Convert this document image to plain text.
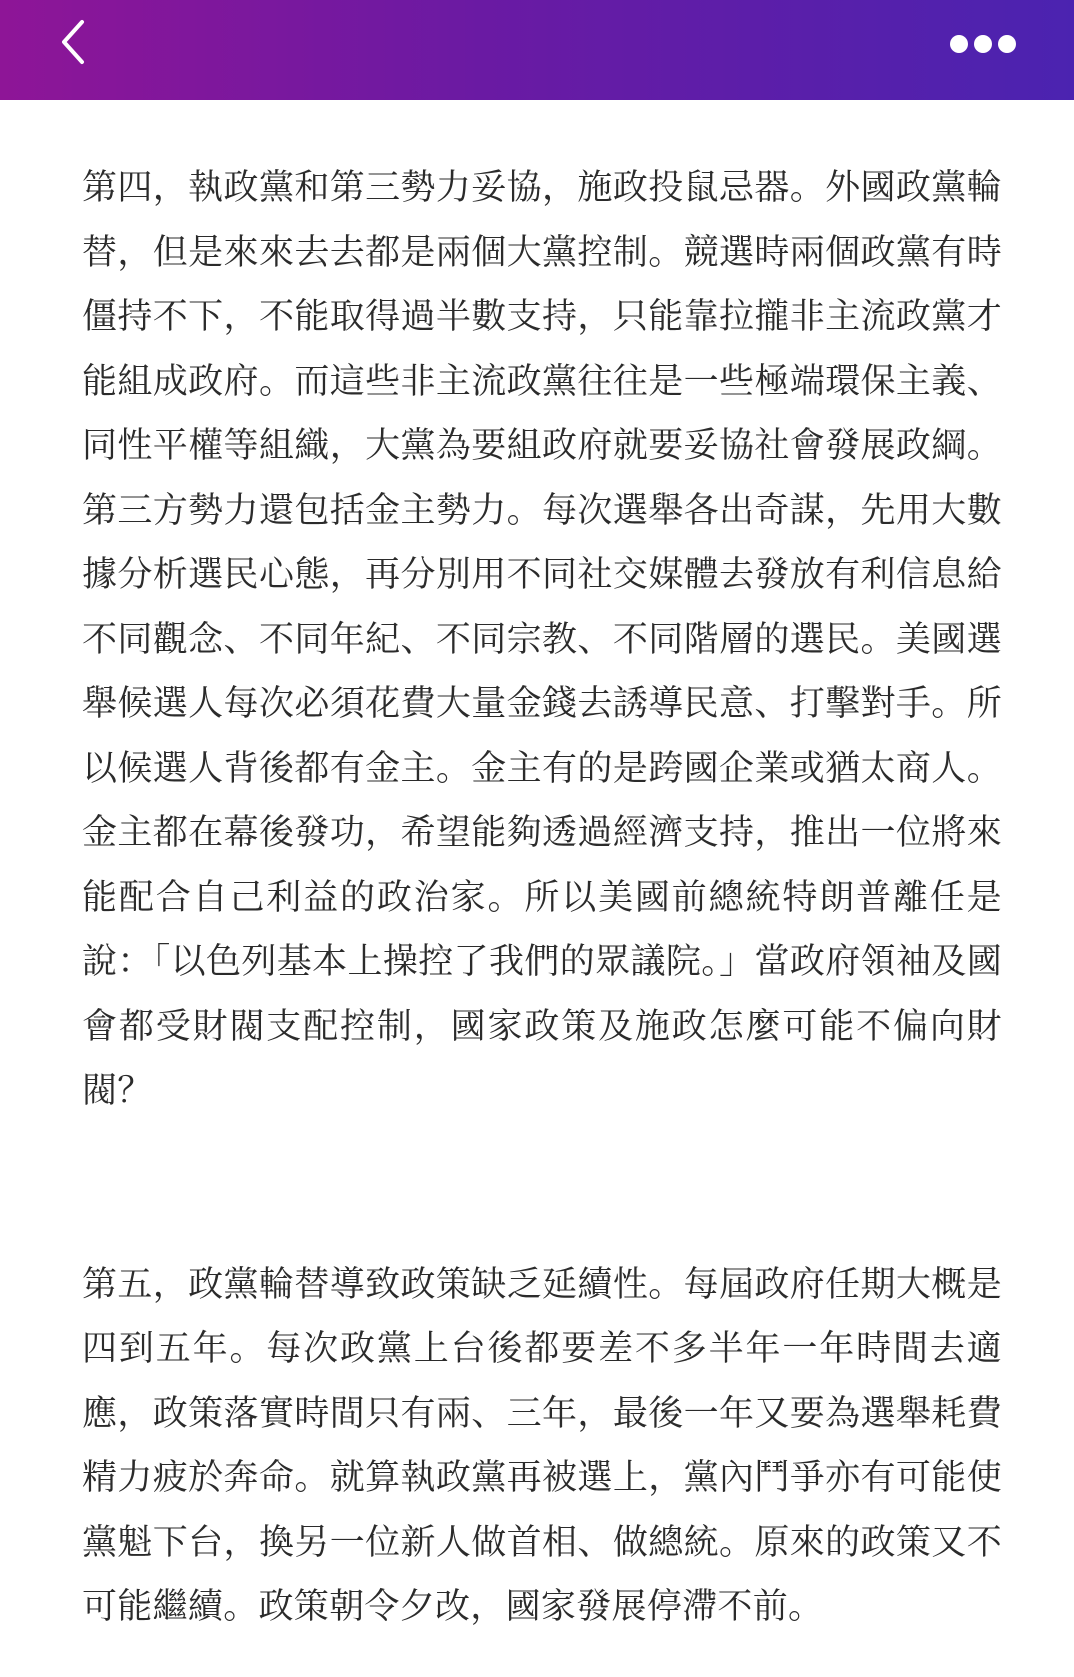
第四，執政黨和第三勢力妥協，施政投鼠忌器。外國政黨輪替，但是來來去去都是兩個大黨控制。競選時兩個政黨有時僵持不下，不能取得過半數支持，只能靠拉攏非主流政黨才能組成政府。而這些非主流政黨往往是一些極端環保主義、同性平權等組織，大黨為要組政府就要妥協社會發展政綱。第三方勢力還包括金主勢力。每次選舉各出奇謀，先用大數據分析選民心態，再分別用不同社交媒體去發放有利信息給不同觀念、不同年紀、不同宗教、不同階層的選民。美國選舉候選人每次必須花費大量金錢去誘導民意、打擊對手。所以候選人背後都有金主。金主有的是跨國企業或猶太商人。金主都在幕後發功，希望能夠透過經濟支持，推出一位將來能配合自己利益的政治家。所以美國前總統特朗普離任是說：「以色列基本上操控了我們的眾議院。」當政府領袖及國會都受財閥支配控制，國家政策及施政怎麼可能不偏向財閥？

第五，政黨輪替導致政策缺乏延續性。每屆政府任期大概是四到五年。每次政黨上台後都要差不多半年一年時間去適應，政策落實時間只有兩、三年，最後一年又要為選舉耗費精力疲於奔命。就算執政黨再被選上，黨內鬥爭亦有可能使黨魁下台，換另一位新人做首相、做總統。原來的政策又不可能繼續。政策朝令夕改，國家發展停滯不前。
